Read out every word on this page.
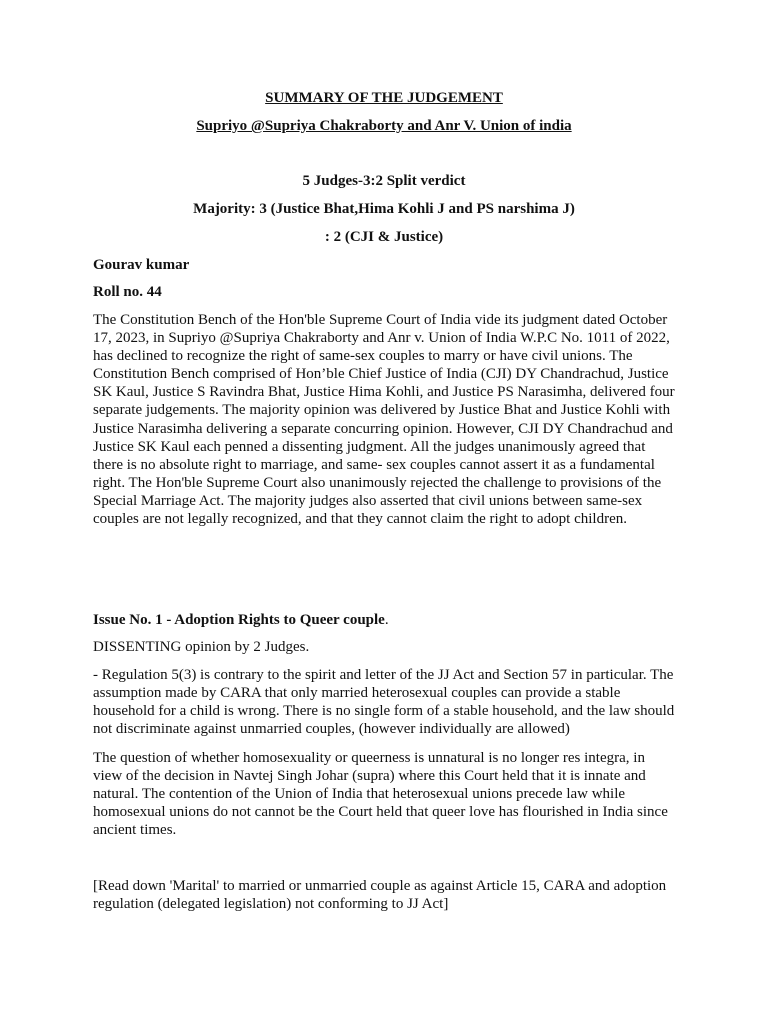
SUMMARY OF THE JUDGEMENT

Supriyo @Supriya Chakraborty and Anr V. Union of india

5 Judges-3:2 Split verdict

Majority: 3 (Justice Bhat,Hima Kohli J and PS narshima J)

: 2 (CJI & Justice)

Gourav kumar

Roll no. 44

The Constitution Bench of the Hon'ble Supreme Court of India vide its judgment dated October 17, 2023, in Supriyo @Supriya Chakraborty and Anr v. Union of India W.P.C No. 1011 of 2022, has declined to recognize the right of same-sex couples to marry or have civil unions. The Constitution Bench comprised of Hon’ble Chief Justice of India (CJI) DY Chandrachud, Justice SK Kaul, Justice S Ravindra Bhat, Justice Hima Kohli, and Justice PS Narasimha, delivered four separate judgements. The majority opinion was delivered by Justice Bhat and Justice Kohli with Justice Narasimha delivering a separate concurring opinion. However, CJI DY Chandrachud and Justice SK Kaul each penned a dissenting judgment. All the judges unanimously agreed that there is no absolute right to marriage, and same- sex couples cannot assert it as a fundamental right. The Hon'ble Supreme Court also unanimously rejected the challenge to provisions of the Special Marriage Act. The majority judges also asserted that civil unions between same-sex couples are not legally recognized, and that they cannot claim the right to adopt children.

Issue No. 1 - Adoption Rights to Queer couple.

DISSENTING opinion by 2 Judges.

- Regulation 5(3) is contrary to the spirit and letter of the JJ Act and Section 57 in particular. The assumption made by CARA that only married heterosexual couples can provide a stable household for a child is wrong. There is no single form of a stable household, and the law should not discriminate against unmarried couples, (however individually are allowed)

The question of whether homosexuality or queerness is unnatural is no longer res integra, in view of the decision in Navtej Singh Johar (supra) where this Court held that it is innate and natural. The contention of the Union of India that heterosexual unions precede law while homosexual unions do not cannot be the Court held that queer love has flourished in India since ancient times.

[Read down 'Marital' to married or unmarried couple as against Article 15, CARA and adoption regulation (delegated legislation) not conforming to JJ Act]
